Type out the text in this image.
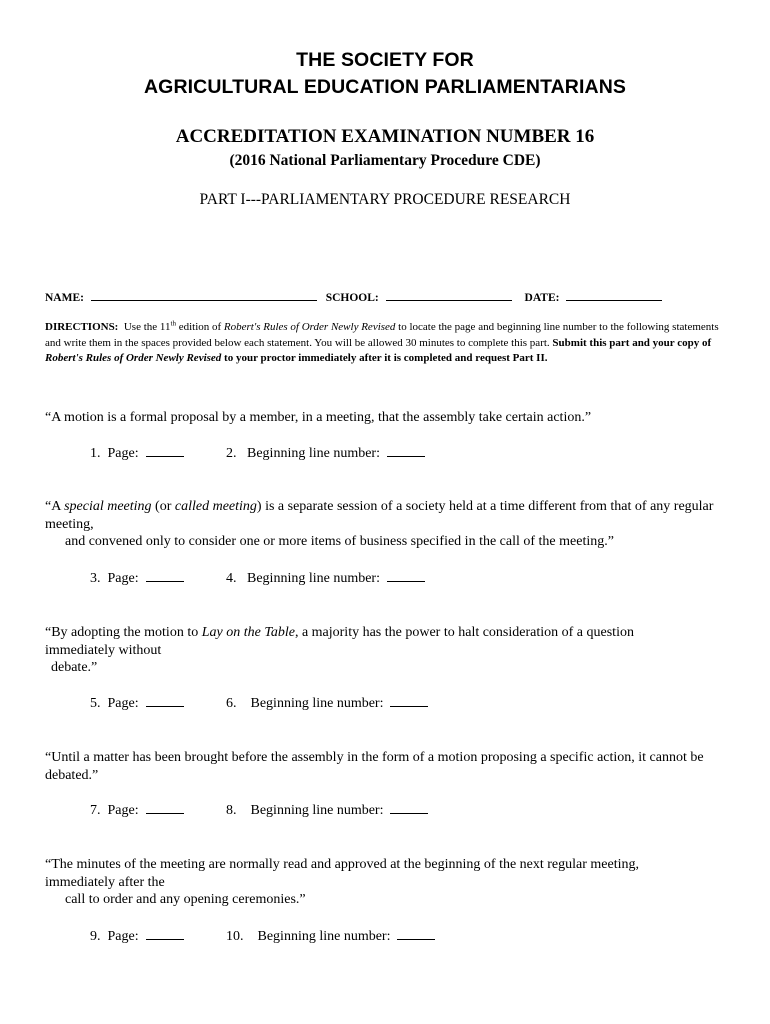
THE SOCIETY FOR
AGRICULTURAL EDUCATION PARLIAMENTARIANS
ACCREDITATION EXAMINATION NUMBER 16
(2016 National Parliamentary Procedure CDE)
PART I---PARLIAMENTARY PROCEDURE RESEARCH
NAME:	SCHOOL:	DATE:
DIRECTIONS: Use the 11th edition of Robert's Rules of Order Newly Revised to locate the page and beginning line number to the following statements and write them in the spaces provided below each statement. You will be allowed 30 minutes to complete this part. Submit this part and your copy of Robert's Rules of Order Newly Revised to your proctor immediately after it is completed and request Part II.
“A motion is a formal proposal by a member, in a meeting, that the assembly take certain action.”
1. Page:	2. Beginning line number:
“A special meeting (or called meeting) is a separate session of a society held at a time different from that of any regular meeting,
and convened only to consider one or more items of business specified in the call of the meeting.”
3. Page:	4. Beginning line number:
“By adopting the motion to Lay on the Table, a majority has the power to halt consideration of a question immediately without
debate.”
5. Page:	6. Beginning line number:
“Until a matter has been brought before the assembly in the form of a motion proposing a specific action, it cannot be debated.”
7. Page:	8. Beginning line number:
“The minutes of the meeting are normally read and approved at the beginning of the next regular meeting, immediately after the
call to order and any opening ceremonies.”
9. Page:	10. Beginning line number:
